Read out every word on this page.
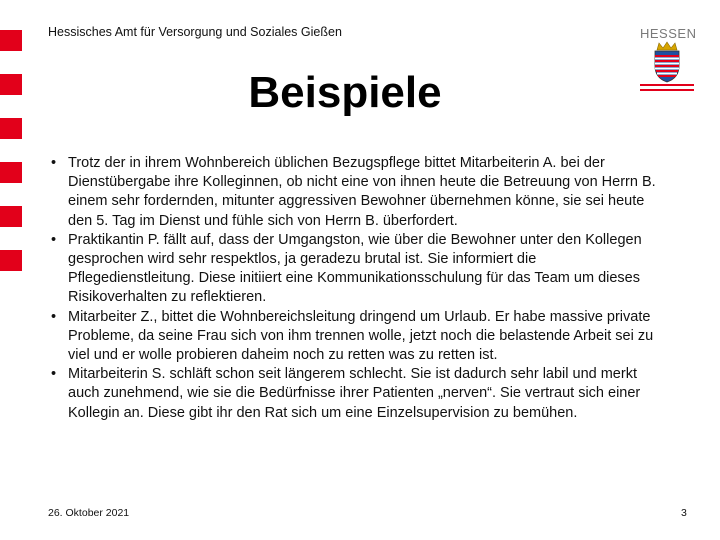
Hessisches Amt für Versorgung und Soziales Gießen	HESSEN
Beispiele
• Trotz der in ihrem Wohnbereich üblichen Bezugspflege bittet Mitarbeiterin A. bei der Dienstübergabe ihre Kolleginnen, ob nicht eine von ihnen heute die Betreuung von Herrn B. einem sehr fordernden, mitunter aggressiven Bewohner übernehmen könne, sie sei heute den 5. Tag im Dienst und fühle sich von Herrn B. überfordert.
• Praktikantin P. fällt auf, dass der Umgangston, wie über die Bewohner unter den Kollegen gesprochen wird sehr respektlos, ja geradezu brutal ist. Sie informiert die Pflegedienstleitung. Diese initiiert eine Kommunikationsschulung für das Team um dieses Risikoverhalten zu reflektieren.
• Mitarbeiter Z., bittet die Wohnbereichsleitung dringend um Urlaub. Er habe massive private Probleme, da seine Frau sich von ihm trennen wolle, jetzt noch die belastende Arbeit sei zu viel und er wolle probieren daheim noch zu retten was zu retten ist.
• Mitarbeiterin S. schläft schon seit längerem schlecht. Sie ist dadurch sehr labil und merkt auch zunehmend, wie sie die Bedürfnisse ihrer Patienten „nerven“. Sie vertraut sich einer Kollegin an. Diese gibt ihr den Rat sich um eine Einzelsupervision zu bemühen.
26. Oktober 2021	3
